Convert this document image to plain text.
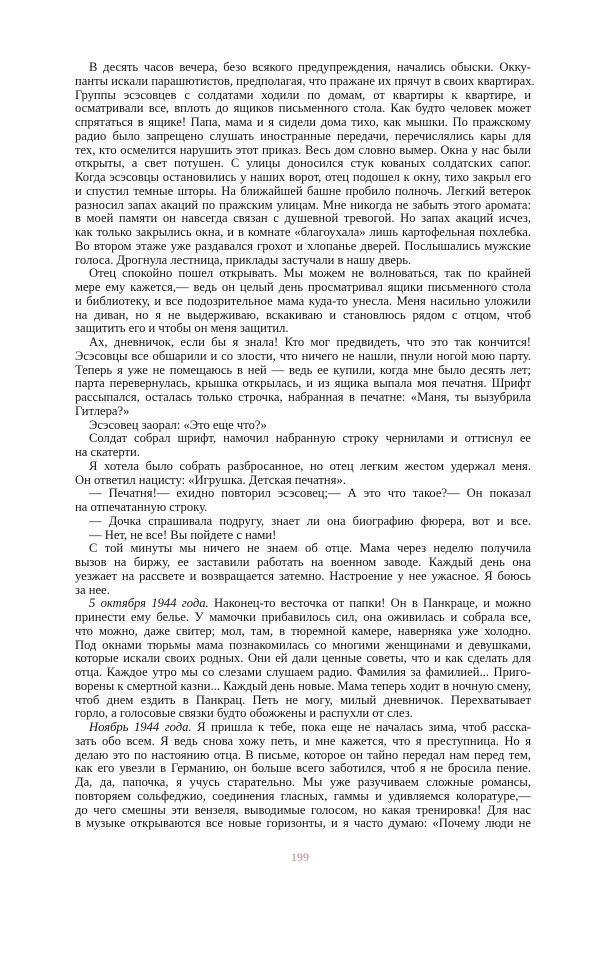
В десять часов вечера, безо всякого предупреждения, начались обыски. Окку-
панты искали парашютистов, предполагая, что пражане их прячут в своих квартирах.
Группы эсэсовцев с солдатами ходили по домам, от квартиры к квартире, и
осматривали все, вплоть до ящиков письменного стола. Как будто человек может
спрятаться в ящике! Папа, мама и я сидели дома тихо, как мышки. По пражскому
радио было запрещено слушать иностранные передачи, перечислялись кары для
тех, кто осмелится нарушить этот приказ. Весь дом словно вымер. Окна у нас были
открыты, а свет потушен. С улицы доносился стук кованых солдатских сапог.
Когда эсэсовцы остановились у наших ворот, отец подошел к окну, тихо закрыл его
и спустил темные шторы. На ближайшей башне пробило полночь. Легкий ветерок
разносил запах акаций по пражским улицам. Мне никогда не забыть этого аромата:
в моей памяти он навсегда связан с душевной тревогой. Но запах акаций исчез,
как только закрылись окна, и в комнате «благоухала» лишь картофельная похлебка.
Во втором этаже уже раздавался грохот и хлопанье дверей. Послышались мужские
голоса. Дрогнула лестница, приклады застучали в нашу дверь.
Отец спокойно пошел открывать. Мы можем не волноваться, так по крайней
мере ему кажется,— ведь он целый день просматривал ящики письменного стола
и библиотеку, и все подозрительное мама куда-то унесла. Меня насильно уложили
на диван, но я не выдерживаю, вскакиваю и становлюсь рядом с отцом, чтоб
защитить его и чтобы он меня защитил.
Ах, дневничок, если бы я знала! Кто мог предвидеть, что это так кончится!
Эсэсовцы все обшарили и со злости, что ничего не нашли, пнули ногой мою парту.
Теперь я уже не помещаюсь в ней — ведь ее купили, когда мне было десять лет;
парта перевернулась, крышка открылась, и из ящика выпала моя печатня. Шрифт
рассыпался, осталась только строчка, набранная в печатне: «Маня, ты вызубрила
Гитлера?»
Эсэсовец заорал: «Это еще что?»
Солдат собрал шрифт, намочил набранную строку чернилами и оттиснул ее
на скатерти.
Я хотела было собрать разбросанное, но отец легким жестом удержал меня.
Он ответил нацисту: «Игрушка. Детская печатня».
— Печатня!— ехидно повторил эсэсовец;— А это что такое?— Он показал
на отпечатанную строку.
— Дочка спрашивала подругу, знает ли она биографию фюрера, вот и все.
— Нет, не все! Вы пойдете с нами!
С той минуты мы ничего не знаем об отце. Мама через неделю получила
вызов на биржу, ее заставили работать на военном заводе. Каждый день она
уезжает на рассвете и возвращается затемно. Настроение у нее ужасное. Я боюсь
за нее.
5 октября 1944 года. Наконец-то весточка от папки! Он в Панкраце, и можно
принести ему белье. У мамочки прибавилось сил, она оживилась и собрала все,
что можно, даже свитер; мол, там, в тюремной камере, наверняка уже холодно.
Под окнами тюрьмы мама познакомилась со многими женщинами и девушками,
которые искали своих родных. Они ей дали ценные советы, что и как сделать для
отца. Каждое утро мы со слезами слушаем радио. Фамилия за фамилией... Приго-
ворены к смертной казни... Каждый день новые. Мама теперь ходит в ночную смену,
чтоб днем ездить в Панкрац. Петь не могу, милый дневничок. Перехватывает
горло, а голосовые связки будто обожжены и распухли от слез.
Ноябрь 1944 года. Я пришла к тебе, пока еще не началась зима, чтоб расска-
зать обо всем. Я ведь снова хожу петь, и мне кажется, что я преступница. Но я
делаю это по настоянию отца. В письме, которое он тайно передал нам перед тем,
как его увезли в Германию, он больше всего заботился, чтоб я не бросила пение.
Да, да, папочка, я учусь старательно. Мы уже разучиваем сложные романсы,
повторяем сольфеджио, соединения гласных, гаммы и удивляемся колоратуре,—
до чего смешны эти вензеля, выводимые голосом, но какая тренировка! Для нас
в музыке открываются все новые горизонты, и я часто думаю: «Почему люди не
199
